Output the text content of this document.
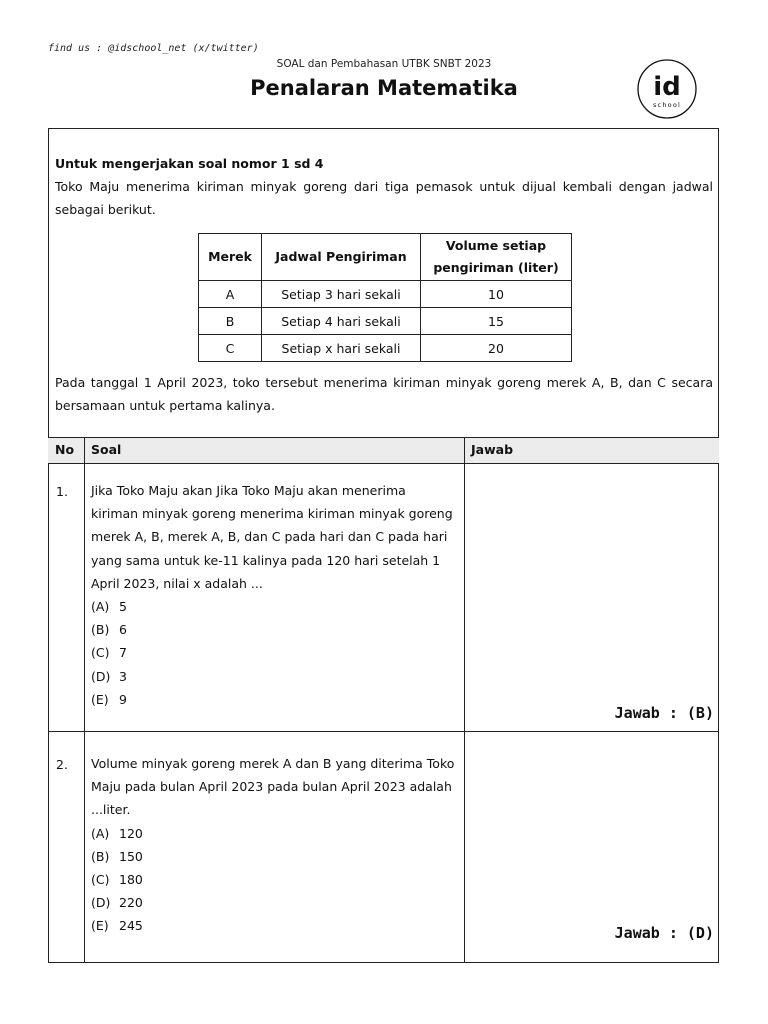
find us : @idschool_net (x/twitter)
SOAL dan Pembahasan UTBK SNBT 2023
Penalaran Matematika	id
school

Untuk mengerjakan soal nomor 1 sd 4

Toko Maju menerima kiriman minyak goreng dari tiga pemasok untuk dijual kembali dengan jadwal sebagai berikut.

Merek	Jadwal Pengiriman	Volume setiap pengiriman (liter)
A	Setiap 3 hari sekali	10
B	Setiap 4 hari sekali	15
C	Setiap x hari sekali	20
Pada tanggal 1 April 2023, toko tersebut menerima kiriman minyak goreng merek A, B, dan C secara bersamaan untuk pertama kalinya.
No Soal	Jawab
1. Jika Toko Maju akan Jika Toko Maju akan menerima kiriman minyak goreng menerima kiriman minyak goreng merek A, B, merek A, B, dan C pada hari dan C pada hari yang sama untuk ke-11 kalinya pada 120 hari setelah 1 April 2023, nilai x adalah ...

(A) 5
(B) 6
(C) 7
(D) 3
(E) 9
Jawab : (B)
2. Volume minyak goreng merek A dan B yang diterima Toko Maju pada bulan April 2023 pada bulan April 2023 adalah ...liter.

(A) 120
(B) 150
(C) 180
(D) 220
(E) 245	Jawab : (D)
